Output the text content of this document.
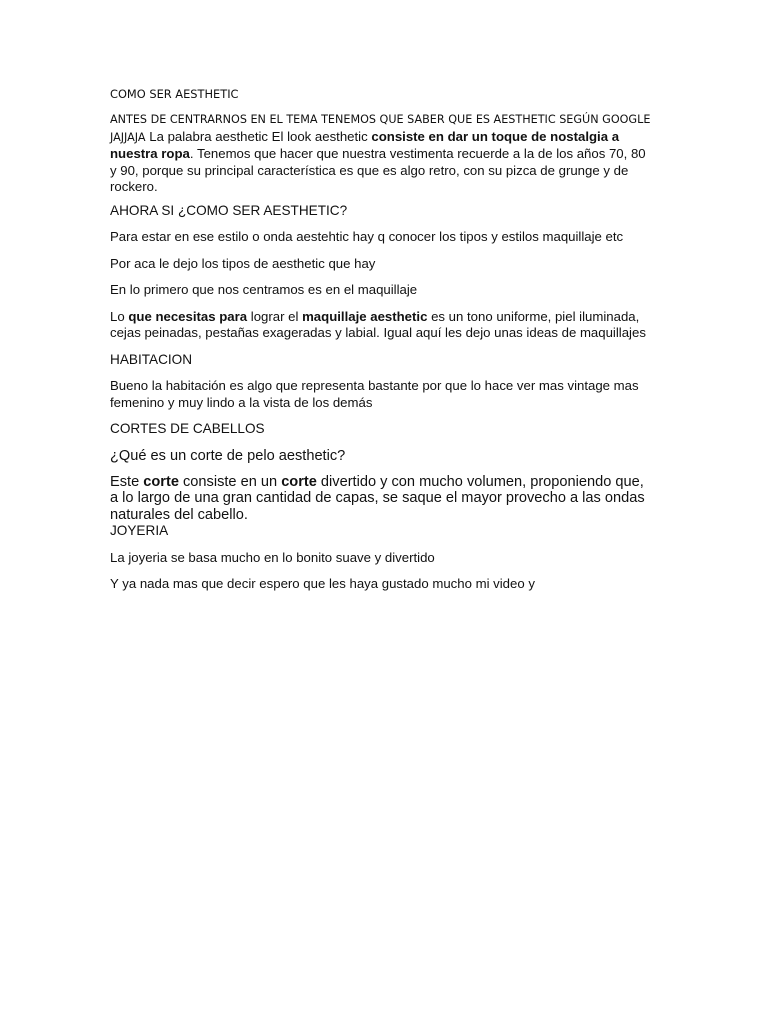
COMO SER AESTHETIC

ANTES DE CENTRARNOS EN EL TEMA TENEMOS QUE SABER QUE ES AESTHETIC SEGÚN GOOGLE JAJJAJA La palabra aesthetic El look aesthetic consiste en dar un toque de nostalgia a nuestra ropa. Tenemos que hacer que nuestra vestimenta recuerde a la de los años 70, 80 y 90, porque su principal característica es que es algo retro, con su pizca de grunge y de rockero.

AHORA SI ¿COMO SER AESTHETIC?

Para estar en ese estilo o onda aestehtic hay q conocer los tipos y estilos maquillaje etc

Por aca le dejo los tipos de aesthetic que hay

En lo primero que nos centramos es en el maquillaje

Lo que necesitas para lograr el maquillaje aesthetic es un tono uniforme, piel iluminada, cejas peinadas, pestañas exageradas y labial. Igual aquí les dejo unas ideas de maquillajes

HABITACION

Bueno la habitación es algo que representa bastante por que lo hace ver mas vintage mas femenino y muy lindo a la vista de los demás

CORTES DE CABELLOS
¿Qué es un corte de pelo aesthetic?
Este corte consiste en un corte divertido y con mucho volumen, proponiendo que, a lo largo de una gran cantidad de capas, se saque el mayor provecho a las ondas naturales del cabello.
JOYERIA

La joyeria se basa mucho en lo bonito suave y divertido

Y ya nada mas que decir espero que les haya gustado mucho mi video y
